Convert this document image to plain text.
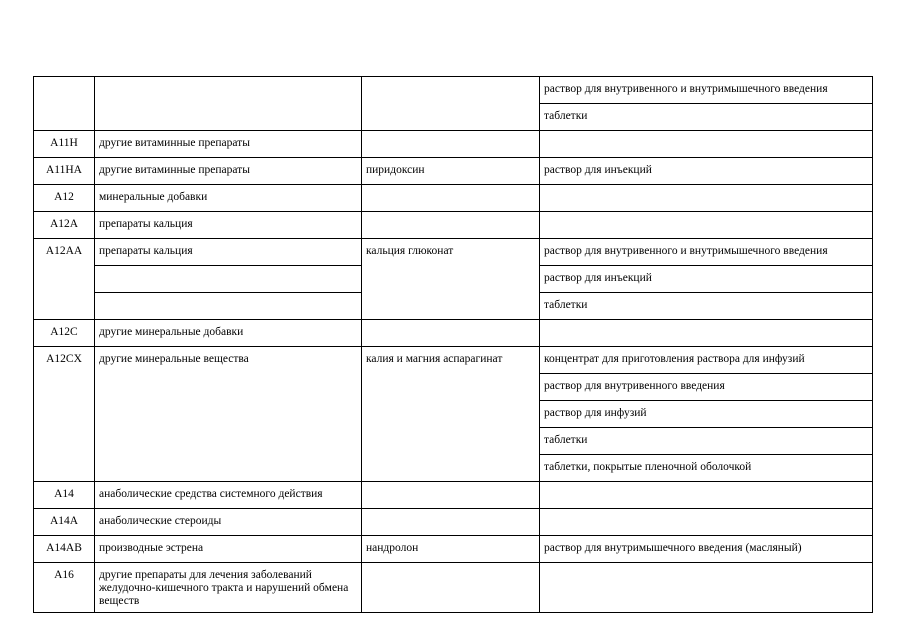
			раствор для внутривенного и внутримышечного введения
			таблетки
A11H	другие витаминные препараты		
A11HA	другие витаминные препараты	пиридоксин	раствор для инъекций
A12	минеральные добавки		
A12A	препараты кальция		
A12AA	препараты кальция	кальция глюконат	раствор для внутривенного и внутримышечного введения
			раствор для инъекций
			таблетки
A12C	другие минеральные добавки		
A12CX	другие минеральные вещества	калия и магния аспарагинат	концентрат для приготовления раствора для инфузий
			раствор для внутривенного введения
			раствор для инфузий
			таблетки
			таблетки, покрытые пленочной оболочкой
A14	анаболические средства системного действия		
A14A	анаболические стероиды		
A14AB	производные эстрена	нандролон	раствор для внутримышечного введения (масляный)
A16	другие препараты для лечения заболеваний желудочно-кишечного тракта и нарушений обмена веществ		
